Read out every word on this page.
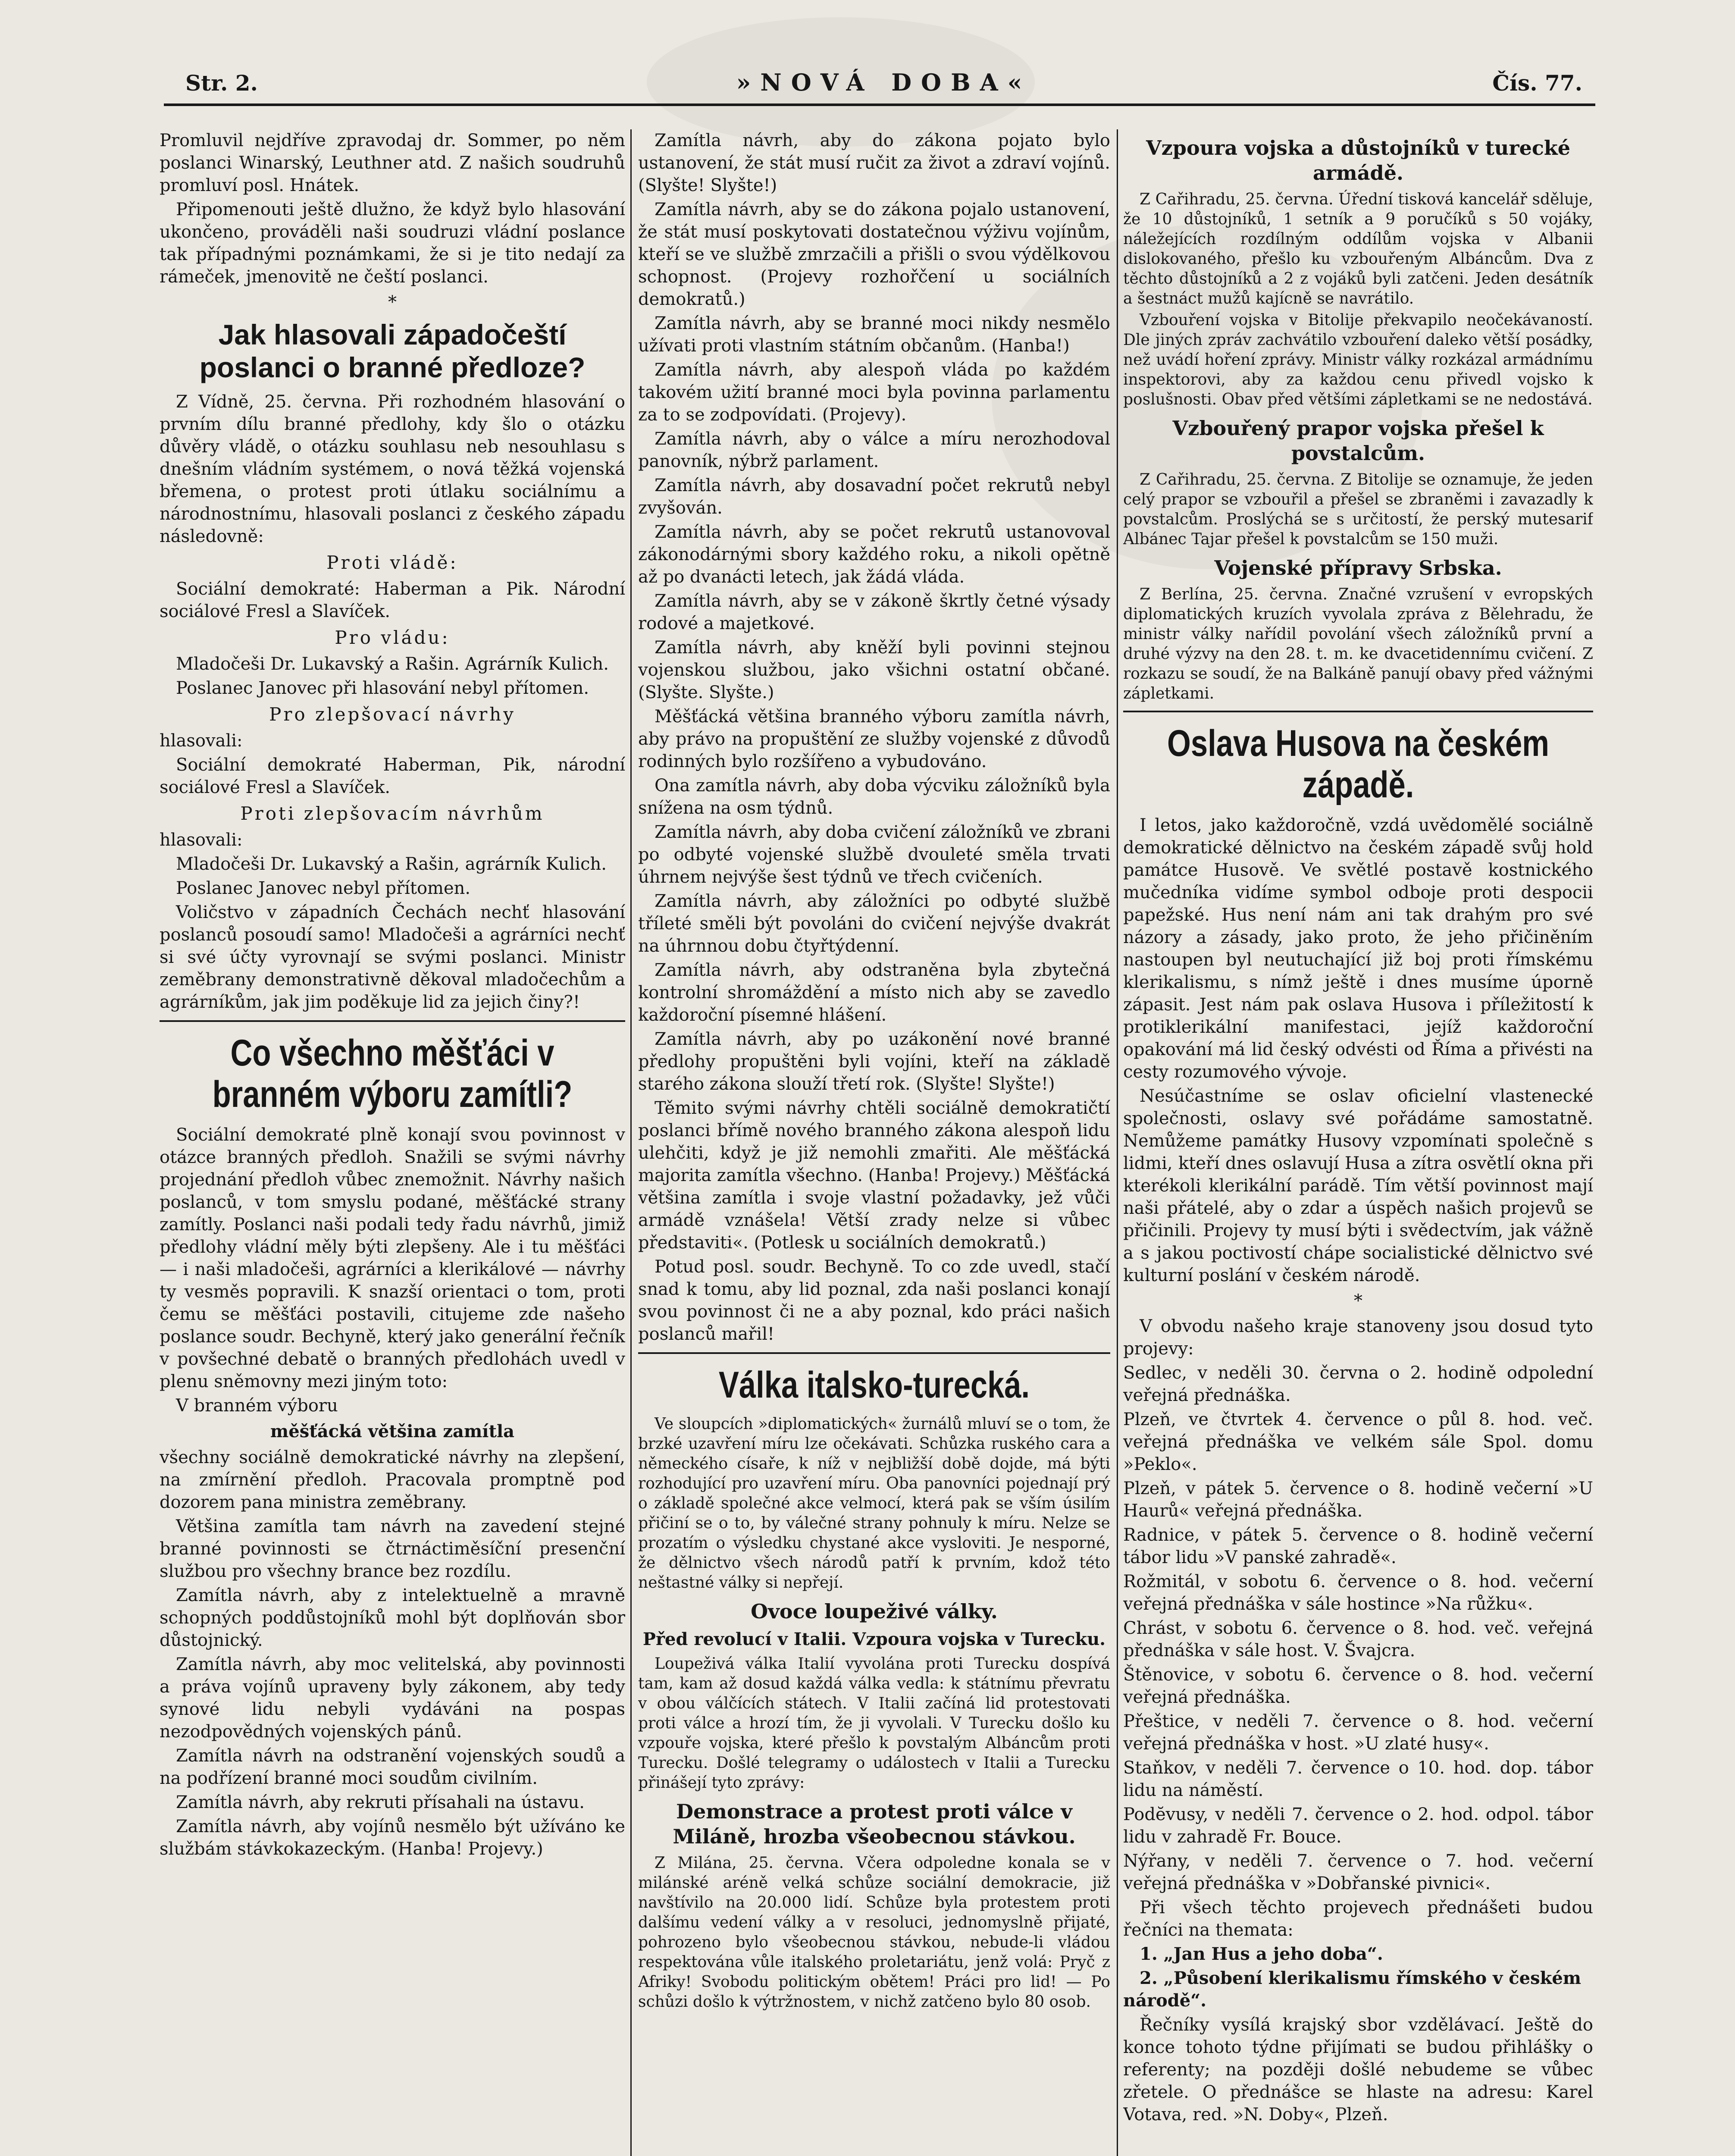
Str. 2.	»NOVÁ DOBA«	Čís. 77.

Promluvil nejdříve zpravodaj dr. Sommer, po něm poslanci Winarský, Leuthner atd. Z našich soudruhů promluví posl. Hnátek.

Připomenouti ještě dlužno, že když bylo hlasování ukončeno, prováděli naši soudruzi vládní poslance tak případnými poznámkami, že si je tito nedají za rámeček, jmenovitě ne čeští poslanci.

*
Jak hlasovali západočeští poslanci o branné předloze?

Z Vídně, 25. června. Při rozhodném hlasování o prvním dílu branné předlohy, kdy šlo o otázku důvěry vládě, o otázku souhlasu neb nesouhlasu s dnešním vládním systémem, o nová těžká vojenská břemena, o protest proti útlaku sociálnímu a národnostnímu, hlasovali poslanci z českého západu následovně:

Proti vládě:

Sociální demokraté: Haberman a Pik. Národní sociálové Fresl a Slavíček.

Pro vládu:

Mladočeši Dr. Lukavský a Rašin. Agrárník Kulich.

Poslanec Janovec při hlasování nebyl přítomen.

Pro zlepšovací návrhy

hlasovali:

Sociální demokraté Haberman, Pik, národní sociálové Fresl a Slavíček.

Proti zlepšovacím návrhům

hlasovali:

Mladočeši Dr. Lukavský a Rašin, agrárník Kulich.

Poslanec Janovec nebyl přítomen.

Voličstvo v západních Čechách nechť hlasování poslanců posoudí samo! Mladočeši a agrárníci nechť si své účty vyrovnají se svými poslanci. Ministr zeměbrany demonstrativně děkoval mladočechům a agrárníkům, jak jim poděkuje lid za jejich činy?!

Co všechno měšťáci v branném výboru zamítli?

Sociální demokraté plně konají svou povinnost v otázce branných předloh. Snažili se svými návrhy projednání předloh vůbec znemožnit. Návrhy našich poslanců, v tom smyslu podané, měšťácké strany zamítly. Poslanci naši podali tedy řadu návrhů, jimiž předlohy vládní měly býti zlepšeny. Ale i tu měšťáci — i naši mladočeši, agrárníci a klerikálové — návrhy ty vesměs popravili. K snazší orientaci o tom, proti čemu se měšťáci postavili, citujeme zde našeho poslance soudr. Bechyně, který jako generální řečník v povšechné debatě o branných předlohách uvedl v plenu sněmovny mezi jiným toto:

V branném výboru

měšťácká většina zamítla

všechny sociálně demokratické návrhy na zlepšení, na zmírnění předloh. Pracovala promptně pod dozorem pana ministra zeměbrany.

Většina zamítla tam návrh na zavedení stejné branné povinnosti se čtrnáctiměsíční presenční službou pro všechny brance bez rozdílu.

Zamítla návrh, aby z intelektuelně a mravně schopných poddůstojníků mohl být doplňován sbor důstojnický.

Zamítla návrh, aby moc velitelská, aby povinnosti a práva vojínů upraveny byly zákonem, aby tedy synové lidu nebyli vydáváni na pospas nezodpovědných vojenských pánů.

Zamítla návrh na odstranění vojenských soudů a na podřízení branné moci soudům civilním.

Zamítla návrh, aby rekruti přísahali na ústavu.

Zamítla návrh, aby vojínů nesmělo být užíváno ke službám stávkokazeckým. (Hanba! Projevy.)

Zamítla návrh, aby do zákona pojato bylo ustanovení, že stát musí ručit za život a zdraví vojínů. (Slyšte! Slyšte!)

Zamítla návrh, aby se do zákona pojalo ustanovení, že stát musí poskytovati dostatečnou výživu vojínům, kteří se ve službě zmrzačili a přišli o svou výdělkovou schopnost. (Projevy rozhořčení u sociálních demokratů.)

Zamítla návrh, aby se branné moci nikdy nesmělo užívati proti vlastním státním občanům. (Hanba!)

Zamítla návrh, aby alespoň vláda po každém takovém užití branné moci byla povinna parlamentu za to se zodpovídati. (Projevy).

Zamítla návrh, aby o válce a míru nerozhodoval panovník, nýbrž parlament.

Zamítla návrh, aby dosavadní počet rekrutů nebyl zvyšován.

Zamítla návrh, aby se počet rekrutů ustanovoval zákonodárnými sbory každého roku, a nikoli opětně až po dvanácti letech, jak žádá vláda.

Zamítla návrh, aby se v zákoně škrtly četné výsady rodové a majetkové.

Zamítla návrh, aby kněží byli povinni stejnou vojenskou službou, jako všichni ostatní občané. (Slyšte. Slyšte.)

Měšťácká většina branného výboru zamítla návrh, aby právo na propuštění ze služby vojenské z důvodů rodinných bylo rozšířeno a vybudováno.

Ona zamítla návrh, aby doba výcviku záložníků byla snížena na osm týdnů.

Zamítla návrh, aby doba cvičení záložníků ve zbrani po odbyté vojenské službě dvouleté směla trvati úhrnem nejvýše šest týdnů ve třech cvičeních.

Zamítla návrh, aby záložníci po odbyté službě tříleté směli být povoláni do cvičení nejvýše dvakrát na úhrnnou dobu čtyřtýdenní.

Zamítla návrh, aby odstraněna byla zbytečná kontrolní shromáždění a místo nich aby se zavedlo každoroční písemné hlášení.

Zamítla návrh, aby po uzákonění nové branné předlohy propuštěni byli vojíni, kteří na základě starého zákona slouží třetí rok. (Slyšte! Slyšte!)

Těmito svými návrhy chtěli sociálně demokratičtí poslanci břímě nového branného zákona alespoň lidu ulehčiti, když je již nemohli zmařiti. Ale měšťácká majorita zamítla všechno. (Hanba! Projevy.) Měšťácká většina zamítla i svoje vlastní požadavky, jež vůči armádě vznášela! Větší zrady nelze si vůbec představiti«. (Potlesk u sociálních demokratů.)

Potud posl. soudr. Bechyně. To co zde uvedl, stačí snad k tomu, aby lid poznal, zda naši poslanci konají svou povinnost či ne a aby poznal, kdo práci našich poslanců mařil!

Válka italsko-turecká.

Ve sloupcích »diplomatických« žurnálů mluví se o tom, že brzké uzavření míru lze očekávati. Schůzka ruského cara a německého císaře, k níž v nejbližší době dojde, má býti rozhodující pro uzavření míru. Oba panovníci pojednají prý o základě společné akce velmocí, která pak se vším úsilím přičiní se o to, by válečné strany pohnuly k míru. Nelze se prozatím o výsledku chystané akce vysloviti. Je nesporné, že dělnictvo všech národů patří k prvním, kdož této neštastné války si nepřejí.

Ovoce loupeživé války.
Před revolucí v Italii. Vzpoura vojska v Turecku.

Loupeživá válka Italií vyvolána proti Turecku dospívá tam, kam až dosud každá válka vedla: k státnímu převratu v obou válčících státech. V Italii začíná lid protestovati proti válce a hrozí tím, že ji vyvolali. V Turecku došlo ku vzpouře vojska, které přešlo k povstalým Albáncům proti Turecku. Došlé telegramy o událostech v Italii a Turecku přinášejí tyto zprávy:

Demonstrace a protest proti válce v Miláně, hrozba všeobecnou stávkou.

Z Milána, 25. června. Včera odpoledne konala se v milánské aréně velká schůze sociální demokracie, již navštívilo na 20.000 lidí. Schůze byla protestem proti dalšímu vedení války a v resoluci, jednomyslně přijaté, pohrozeno bylo všeobecnou stávkou, nebude-li vládou respektována vůle italského proletariátu, jenž volá: Pryč z Afriky! Svobodu politickým obětem! Práci pro lid! — Po schůzi došlo k výtržnostem, v nichž zatčeno bylo 80 osob.

Vzpoura vojska a důstojníků v turecké armádě.

Z Cařihradu, 25. června. Úřední tisková kancelář sděluje, že 10 důstojníků, 1 setník a 9 poručíků s 50 vojáky, náležejících rozdílným oddílům vojska v Albanii dislokovaného, přešlo ku vzbouřeným Albáncům. Dva z těchto důstojníků a 2 z vojáků byli zatčeni. Jeden desátník a šestnáct mužů kajícně se navrátilo.

Vzbouření vojska v Bitolije překvapilo neočekávaností. Dle jiných zpráv zachvátilo vzbouření daleko větší posádky, než uvádí hoření zprávy. Ministr války rozkázal armádnímu inspektorovi, aby za každou cenu přivedl vojsko k poslušnosti. Obav před většími zápletkami se ne nedostává.

Vzbouřený prapor vojska přešel k povstalcům.

Z Cařihradu, 25. června. Z Bitolije se oznamuje, že jeden celý prapor se vzbouřil a přešel se zbraněmi i zavazadly k povstalcům. Proslýchá se s určitostí, že perský mutesarif Albánec Tajar přešel k povstalcům se 150 muži.

Vojenské přípravy Srbska.

Z Berlína, 25. června. Značné vzrušení v evropských diplomatických kruzích vyvolala zpráva z Bělehradu, že ministr války nařídil povolání všech záložníků první a druhé výzvy na den 28. t. m. ke dvacetidennímu cvičení. Z rozkazu se soudí, že na Balkáně panují obavy před vážnými zápletkami.

Oslava Husova na českém západě.

I letos, jako každoročně, vzdá uvědomělé sociálně demokratické dělnictvo na českém západě svůj hold památce Husově. Ve světlé postavě kostnického mučedníka vidíme symbol odboje proti despocii papežské. Hus není nám ani tak drahým pro své názory a zásady, jako proto, že jeho přičiněním nastoupen byl neutuchající již boj proti římskému klerikalismu, s nímž ještě i dnes musíme úporně zápasit. Jest nám pak oslava Husova i příležitostí k protiklerikální manifestaci, jejíž každoroční opakování má lid český odvésti od Říma a přivésti na cesty rozumového vývoje.

Nesúčastníme se oslav oficielní vlastenecké společnosti, oslavy své pořádáme samostatně. Nemůžeme památky Husovy vzpomínati společně s lidmi, kteří dnes oslavují Husa a zítra osvětlí okna při kterékoli klerikální parádě. Tím větší povinnost mají naši přátelé, aby o zdar a úspěch našich projevů se přičinili. Projevy ty musí býti i svědectvím, jak vážně a s jakou poctivostí chápe socialistické dělnictvo své kulturní poslání v českém národě.

*

V obvodu našeho kraje stanoveny jsou dosud tyto projevy:

Sedlec, v neděli 30. června o 2. hodině odpolední veřejná přednáška.

Plzeň, ve čtvrtek 4. července o půl 8. hod. več. veřejná přednáška ve velkém sále Spol. domu »Peklo«.

Plzeň, v pátek 5. července o 8. hodině večerní »U Haurů« veřejná přednáška.

Radnice, v pátek 5. července o 8. hodině večerní tábor lidu »V panské zahradě«.

Rožmitál, v sobotu 6. července o 8. hod. večerní veřejná přednáška v sále hostince »Na růžku«.

Chrást, v sobotu 6. července o 8. hod. več. veřejná přednáška v sále host. V. Švajcra.

Štěnovice, v sobotu 6. července o 8. hod. večerní veřejná přednáška.

Přeštice, v neděli 7. července o 8. hod. večerní veřejná přednáška v host. »U zlaté husy«.

Staňkov, v neděli 7. července o 10. hod. dop. tábor lidu na náměstí.

Podĕvusy, v neděli 7. července o 2. hod. odpol. tábor lidu v zahradě Fr. Bouce.

Nýřany, v neděli 7. července o 7. hod. večerní veřejná přednáška v »Dobřanské pivnici«.

Při všech těchto projevech přednášeti budou řečníci na themata:

1. „Jan Hus a jeho doba“.

2. „Působení klerikalismu římského v českém národě“.

Řečníky vysílá krajský sbor vzdělávací. Ještě do konce tohoto týdne přijímati se budou přihlášky o referenty; na později došlé nebudeme se vůbec zřetele. O přednášce se hlaste na adresu: Karel Votava, red. »N. Doby«, Plzeň.
